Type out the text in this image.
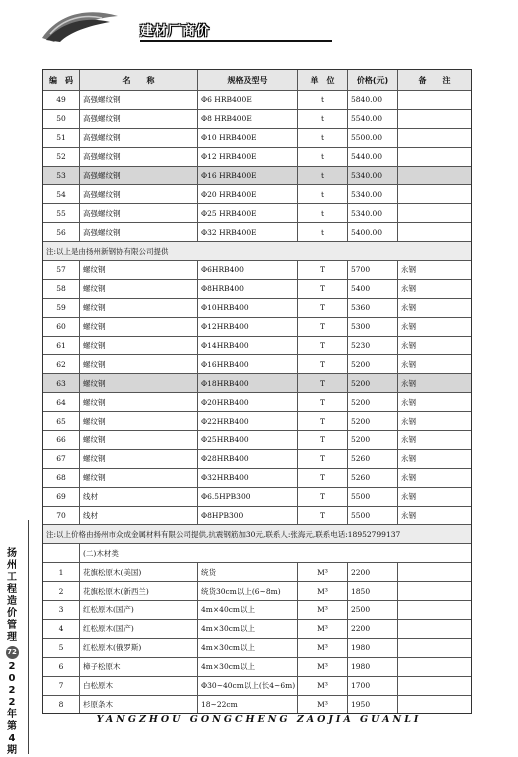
建材厂商价
编　码	名　　称	规格及型号	单　位	价格(元)	备　　注
49	高强螺纹钢	Φ6 HRB400E	t	5840.00
50	高强螺纹钢	Φ8 HRB400E	t	5540.00
51	高强螺纹钢	Φ10 HRB400E	t	5500.00
52	高强螺纹钢	Φ12 HRB400E	t	5440.00
53	高强螺纹钢	Φ16 HRB400E	t	5340.00
54	高强螺纹钢	Φ20 HRB400E	t	5340.00
55	高强螺纹钢	Φ25 HRB400E	t	5340.00
56	高强螺纹钢	Φ32 HRB400E	t	5400.00
注:以上是由扬州新钢协有限公司提供
57	螺纹钢	Φ6HRB400	T	5700	永钢
58	螺纹钢	Φ8HRB400	T	5400	永钢
59	螺纹钢	Φ10HRB400	T	5360	永钢
60	螺纹钢	Φ12HRB400	T	5300	永钢
61	螺纹钢	Φ14HRB400	T	5230	永钢
62	螺纹钢	Φ16HRB400	T	5200	永钢
63	螺纹钢	Φ18HRB400	T	5200	永钢
64	螺纹钢	Φ20HRB400	T	5200	永钢
65	螺纹钢	Φ22HRB400	T	5200	永钢
66	螺纹钢	Φ25HRB400	T	5200	永钢
67	螺纹钢	Φ28HRB400	T	5260	永钢
68	螺纹钢	Φ32HRB400	T	5260	永钢
69	线材	Φ6.5HPB300	T	5500	永钢
70	线材	Φ8HPB300	T	5500	永钢
注:以上价格由扬州市众成金属材料有限公司提供,抗震钢筋加30元,联系人:张海元,联系电话:18952799137
(二)木材类
1	花旗松原木(美国)	统货	M³	2200
2	花旗松原木(新西兰)	统货30cm以上(6~8m)	M³	1850
3	红松原木(国产)	4m×40cm以上	M³	2500
4	红松原木(国产)	4m×30cm以上	M³	2200
5	红松原木(俄罗斯)	4m×30cm以上	M³	1980
6	樟子松原木	4m×30cm以上	M³	1980
7	白松原木	Φ30~40cm以上(长4~6m)	M³	1700
8	杉原条木	18~22cm	M³	1950
扬
州
工
程
造
价
管
理
72
2
0
2
2
年
第
4
期
YANGZHOU GONGCHENG ZAOJIA GUANLI
